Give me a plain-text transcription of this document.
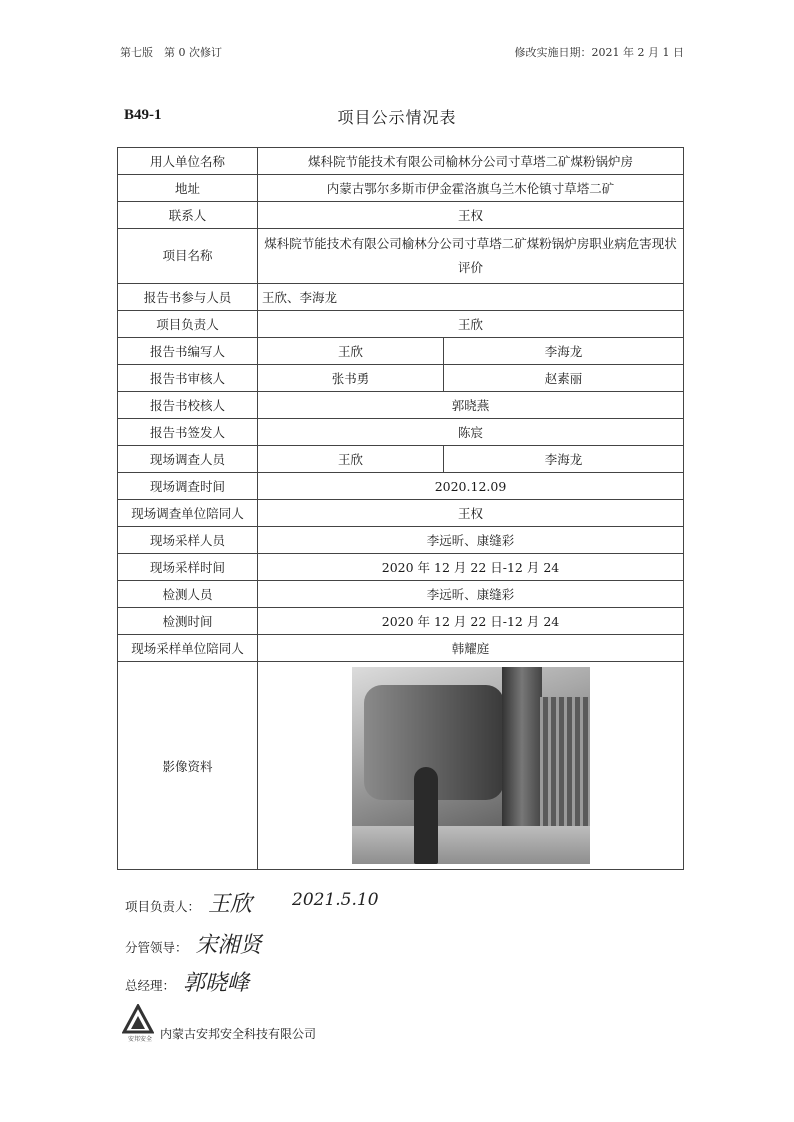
第七版　第 0 次修订	修改实施日期：2021 年 2 月 1 日
B49-1	项目公示情况表
用人单位名称	煤科院节能技术有限公司榆林分公司寸草塔二矿煤粉锅炉房	
地址	内蒙古鄂尔多斯市伊金霍洛旗乌兰木伦镇寸草塔二矿	
联系人	王权	
项目名称	煤科院节能技术有限公司榆林分公司寸草塔二矿煤粉锅炉房职业病危害现状评价	
报告书参与人员	王欣、李海龙	
项目负责人	王欣	
报告书编写人	王欣	李海龙
报告书审核人	张书勇	赵素丽
报告书校核人	郭晓燕	
报告书签发人	陈宸	
现场调查人员	王欣	李海龙
现场调查时间	2020.12.09	
现场调查单位陪同人	王权	
现场采样人员	李远昕、康缝彩	
现场采样时间	2020 年 12 月 22 日-12 月 24	
检测人员	李远昕、康缝彩	
检测时间	2020 年 12 月 22 日-12 月 24	
现场采样单位陪同人	韩耀庭	
影像资料		
项目负责人： 王欣 2021.5.10
分管领导： 宋湘贤
总经理： 郭晓峰
安邦安全 内蒙古安邦安全科技有限公司
